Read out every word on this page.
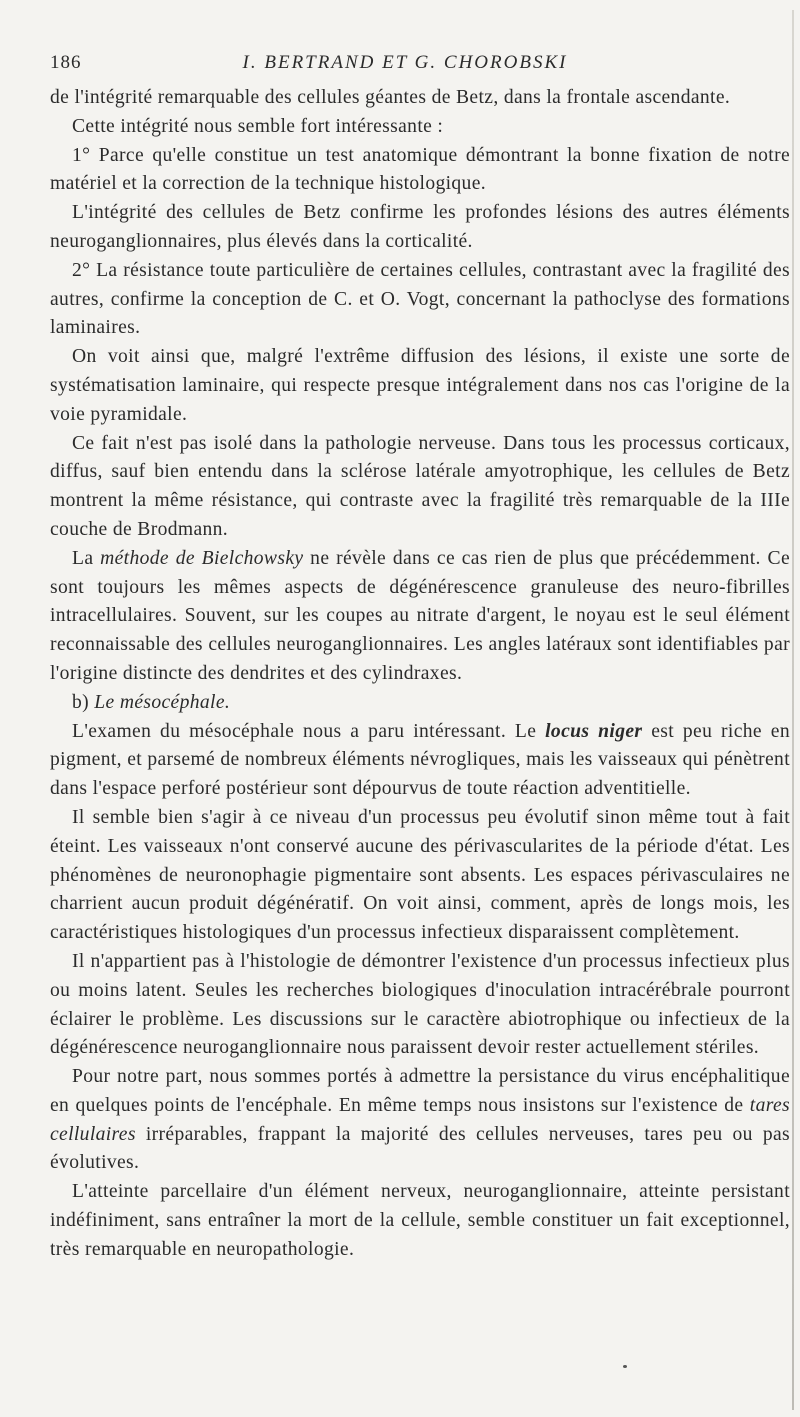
186	I. BERTRAND ET G. CHOROBSKI

de l'intégrité remarquable des cellules géantes de Betz, dans la frontale ascendante.

Cette intégrité nous semble fort intéressante :

1° Parce qu'elle constitue un test anatomique démontrant la bonne fixation de notre matériel et la correction de la technique histologique.

L'intégrité des cellules de Betz confirme les profondes lésions des autres éléments neuroganglionnaires, plus élevés dans la corticalité.

2° La résistance toute particulière de certaines cellules, contrastant avec la fragilité des autres, confirme la conception de C. et O. Vogt, concernant la pathoclyse des formations laminaires.

On voit ainsi que, malgré l'extrême diffusion des lésions, il existe une sorte de systématisation laminaire, qui respecte presque intégralement dans nos cas l'origine de la voie pyramidale.

Ce fait n'est pas isolé dans la pathologie nerveuse. Dans tous les processus corticaux, diffus, sauf bien entendu dans la sclérose latérale amyotrophique, les cellules de Betz montrent la même résistance, qui contraste avec la fragilité très remarquable de la IIIe couche de Brodmann.

La méthode de Bielchowsky ne révèle dans ce cas rien de plus que précédemment. Ce sont toujours les mêmes aspects de dégénérescence granuleuse des neuro-fibrilles intracellulaires. Souvent, sur les coupes au nitrate d'argent, le noyau est le seul élément reconnaissable des cellules neuroganglionnaires. Les angles latéraux sont identifiables par l'origine distincte des dendrites et des cylindraxes.

b) Le mésocéphale.

L'examen du mésocéphale nous a paru intéressant. Le locus niger est peu riche en pigment, et parsemé de nombreux éléments névrogliques, mais les vaisseaux qui pénètrent dans l'espace perforé postérieur sont dépourvus de toute réaction adventitielle.

Il semble bien s'agir à ce niveau d'un processus peu évolutif sinon même tout à fait éteint. Les vaisseaux n'ont conservé aucune des périvascularites de la période d'état. Les phénomènes de neuronophagie pigmentaire sont absents. Les espaces périvasculaires ne charrient aucun produit dégénératif. On voit ainsi, comment, après de longs mois, les caractéristiques histologiques d'un processus infectieux disparaissent complètement.

Il n'appartient pas à l'histologie de démontrer l'existence d'un processus infectieux plus ou moins latent. Seules les recherches biologiques d'inoculation intracérébrale pourront éclairer le problème. Les discussions sur le caractère abiotrophique ou infectieux de la dégénérescence neuroganglionnaire nous paraissent devoir rester actuellement stériles.

Pour notre part, nous sommes portés à admettre la persistance du virus encéphalitique en quelques points de l'encéphale. En même temps nous insistons sur l'existence de tares cellulaires irréparables, frappant la majorité des cellules nerveuses, tares peu ou pas évolutives.

L'atteinte parcellaire d'un élément nerveux, neuroganglionnaire, atteinte persistant indéfiniment, sans entraîner la mort de la cellule, semble constituer un fait exceptionnel, très remarquable en neuropathologie.
